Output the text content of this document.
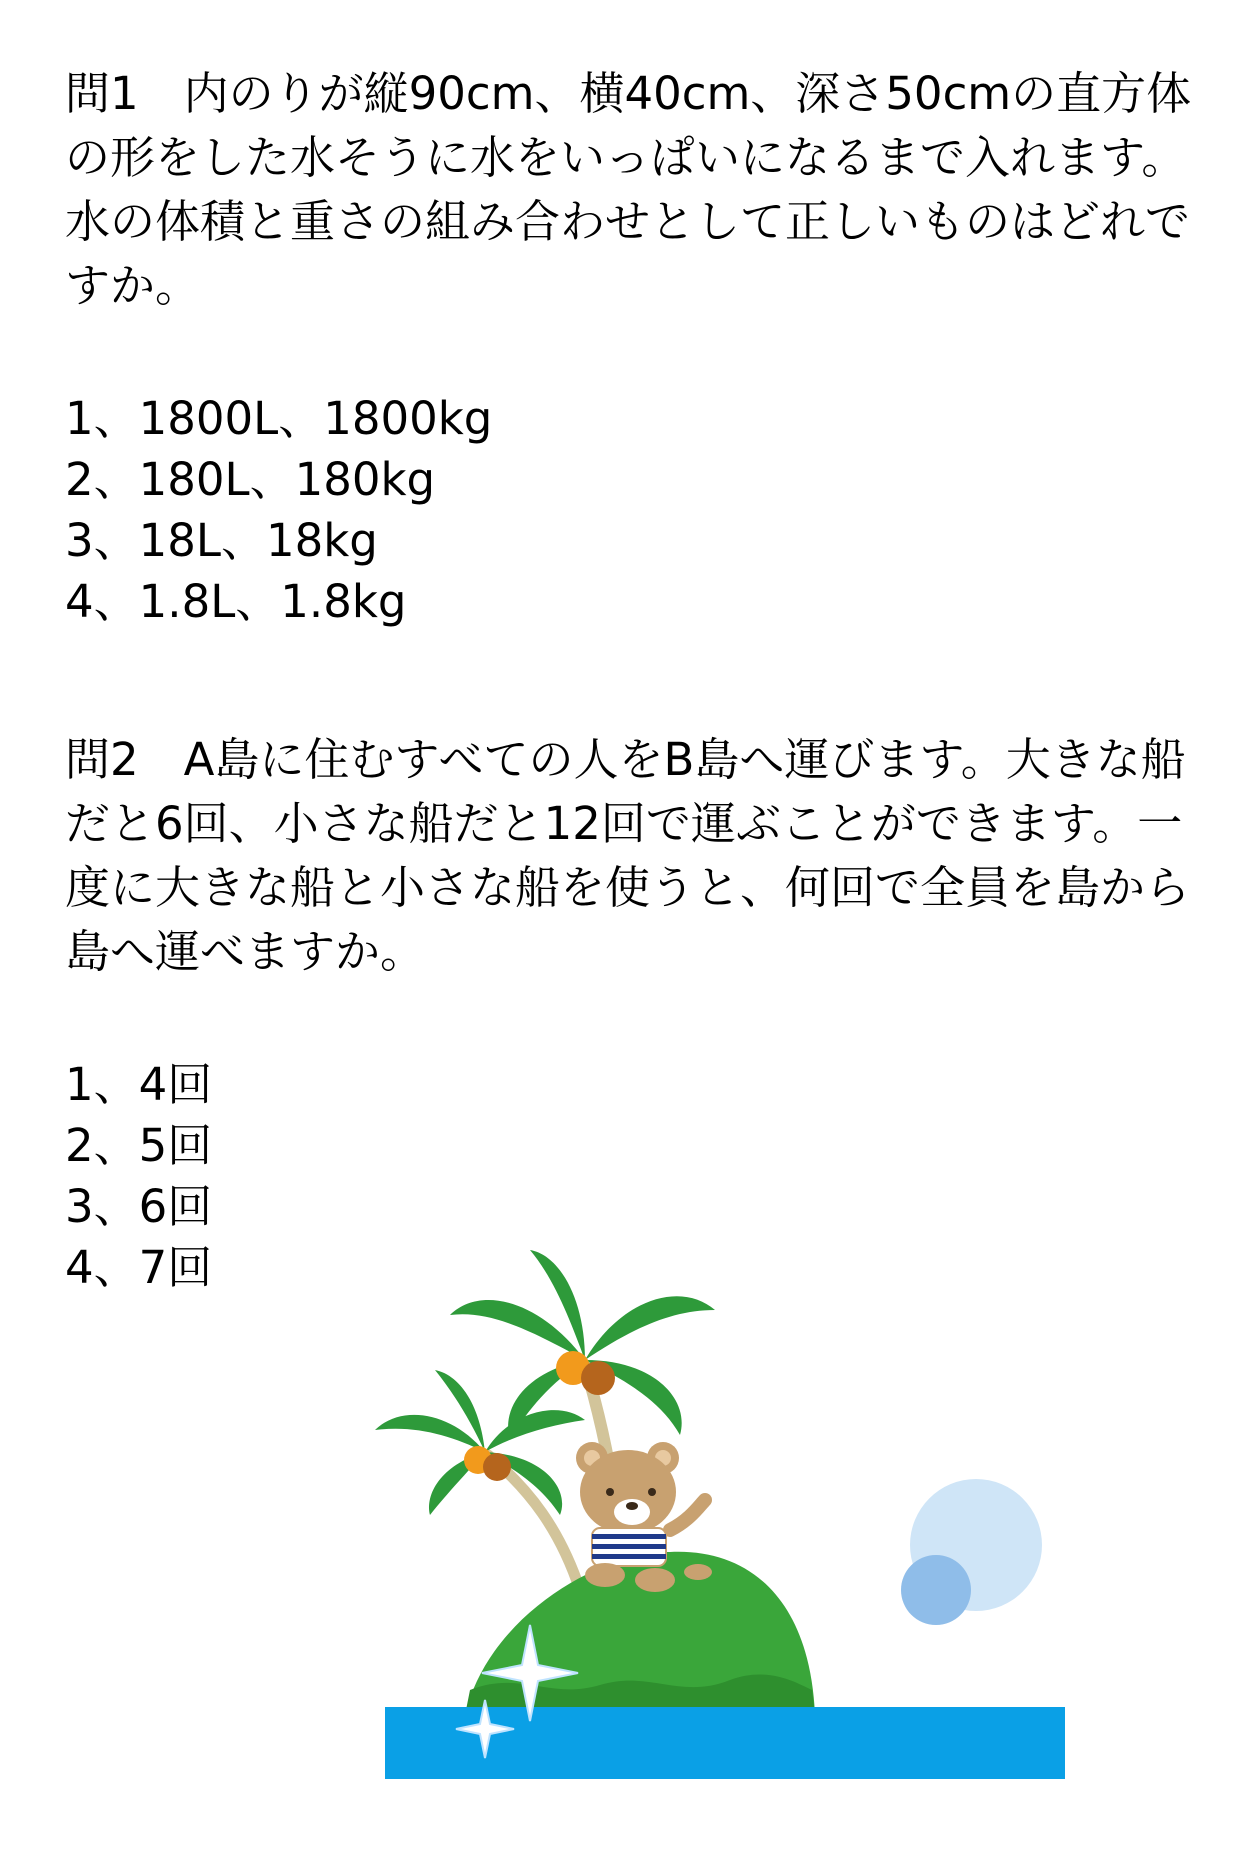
問1　内のりが縦90cm、横40cm、深さ50cmの直方体の形をした水そうに水をいっぱいになるまで入れます。水の体積と重さの組み合わせとして正しいものはどれですか。

1、1800L、1800kg
2、180L、180kg
3、18L、18kg
4、1.8L、1.8kg

問2　A島に住むすべての人をB島へ運びます。大きな船だと6回、小さな船だと12回で運ぶことができます。一度に大きな船と小さな船を使うと、何回で全員を島から島へ運べますか。

1、4回
2、5回
3、6回
4、7回
